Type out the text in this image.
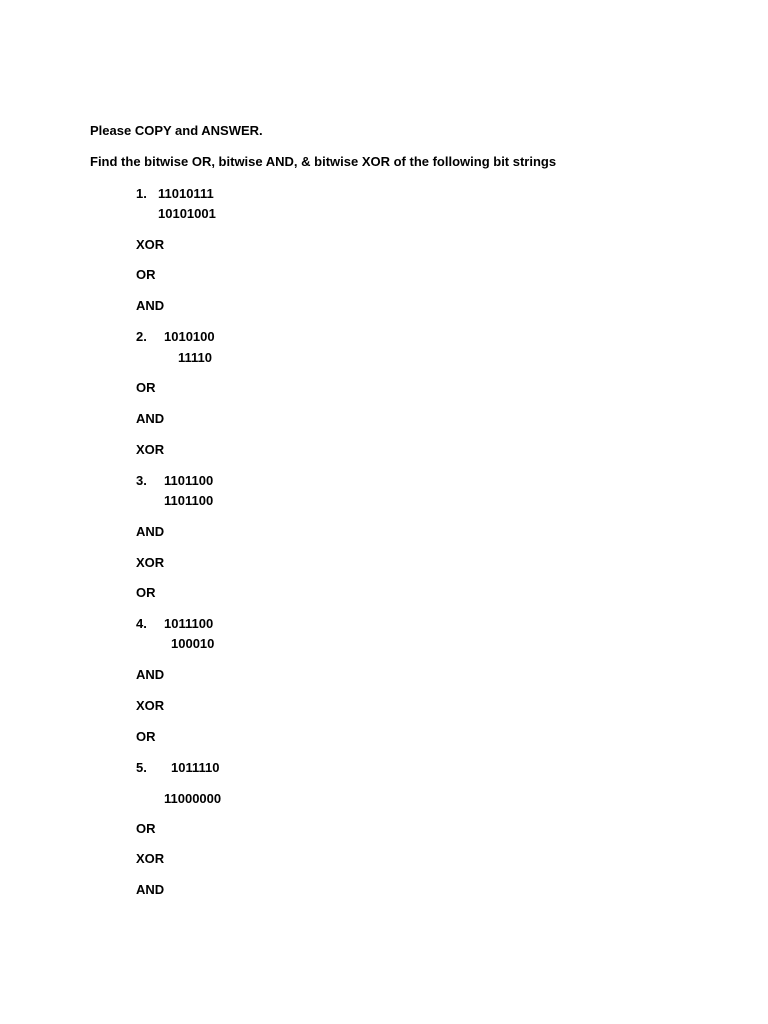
Please COPY and ANSWER.
Find the bitwise OR, bitwise AND, & bitwise XOR of the following bit strings
1. 11010111
10101001
XOR
OR
AND
2. 1010100
11110
OR
AND
XOR
3. 1101100
1101100
AND
XOR
OR
4. 1011100
100010
AND
XOR
OR
5. 1011110
11000000
OR
XOR
AND
